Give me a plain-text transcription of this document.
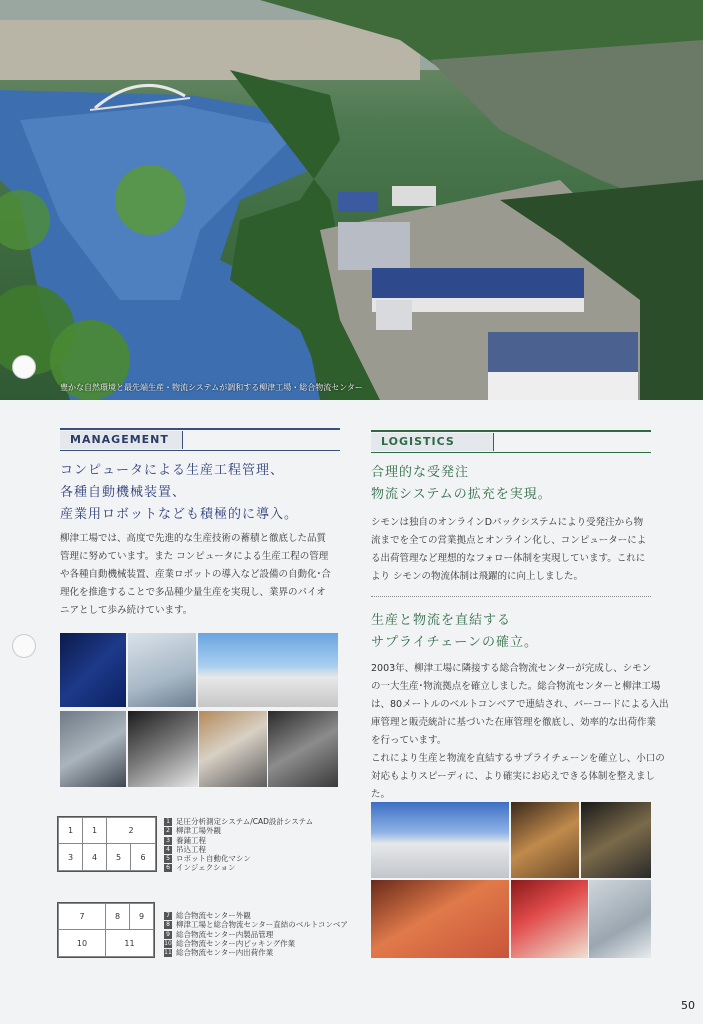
豊かな自然環境と最先端生産・物流システムが調和する柳津工場・総合物流センター
MANAGEMENT
コンピュータによる生産工程管理、
各種自動機械装置、
産業用ロボットなども積極的に導入。
柳津工場では、高度で先進的な生産技術の蓄積と徹底した品質
管理に努めています。また コンピュータによる生産工程の管理
や各種自動機械装置、産業ロボットの導入など設備の自動化･合
理化を推進することで多品種少量生産を実現し、業界のパイオ
ニアとして歩み続けています。
1	1	2
3	4	5	6
1 足圧分析測定システム/CAD設計システム
2 柳津工場外観
3 養鋪工程
4 吊込工程
5 ロボット自動化マシン
6 インジェクション
7	8	9
10	11
7 総合物流センター外観
8 柳津工場と総合物流センター直結のベルトコンベア
9 総合物流センター内製品管理
10 総合物流センター内ピッキング作業
11 総合物流センター内出荷作業
LOGISTICS
合理的な受発注
物流システムの拡充を実現。
シモンは独自のオンラインDパックシステムにより受発注から物
流までを全ての営業拠点とオンライン化し、コンピューターによ
る出荷管理など理想的なフォロー体制を実現しています。これに
より シモンの物流体制は飛躍的に向上しました。
生産と物流を直結する
サプライチェーンの確立。
2003年、柳津工場に隣接する総合物流センターが完成し、シモン
の一大生産･物流拠点を確立しました。総合物流センターと柳津工場
は、80メートルのベルトコンベアで連結され、バーコードによる入出
庫管理と販売統計に基づいた在庫管理を徹底し、効率的な出荷作業
を行っています。
これにより生産と物流を直結するサプライチェーンを確立し、小口の
対応もよりスピーディに、より確実にお応えできる体制を整えました。
50
